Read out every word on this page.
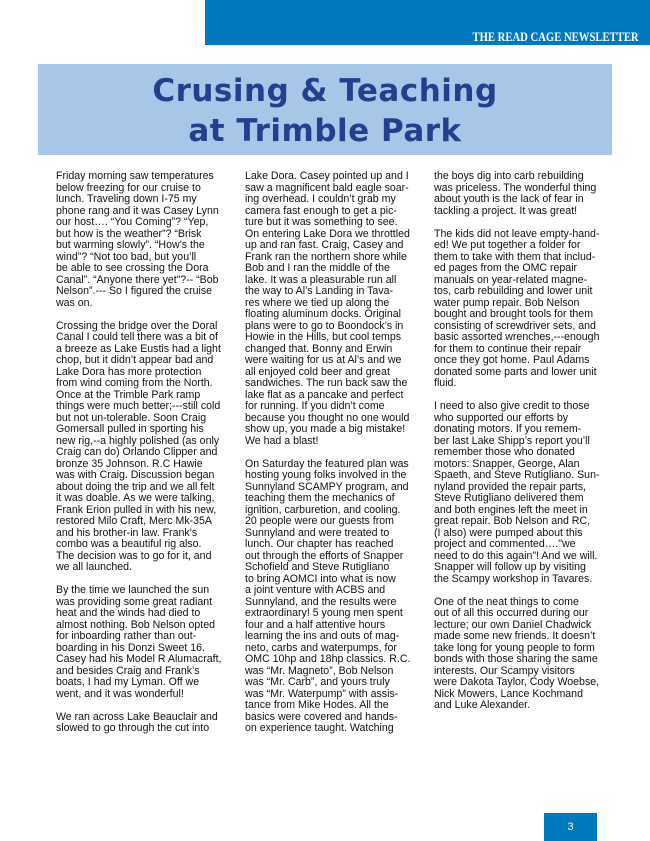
THE READ CAGE NEWSLETTER
Crusing & Teaching
at Trimble Park

Friday morning saw temperatures
below freezing for our cruise to
lunch. Traveling down I-75 my
phone rang and it was Casey Lynn
our host…. “You Coming”? “Yep,
but how is the weather”? “Brisk
but warming slowly”. “How’s the
wind”? “Not too bad, but you’ll
be able to see crossing the Dora
Canal”. “Anyone there yet”?-- “Bob
Nelson”.--- So I figured the cruise
was on.

Crossing the bridge over the Doral
Canal I could tell there was a bit of
a breeze as Lake Eustis had a light
chop, but it didn’t appear bad and
Lake Dora has more protection
from wind coming from the North.
Once at the Trimble Park ramp
things were much better;---still cold
but not un-tolerable. Soon Craig
Gomersall pulled in sporting his
new rig,--a highly polished (as only
Craig can do) Orlando Clipper and
bronze 35 Johnson. R.C Hawie
was with Craig. Discussion began
about doing the trip and we all felt
it was doable. As we were talking,
Frank Erion pulled in with his new,
restored Milo Craft, Merc Mk-35A
and his brother-in law. Frank’s
combo was a beautiful rig also.
The decision was to go for it, and
we all launched.

By the time we launched the sun
was providing some great radiant
heat and the winds had died to
almost nothing. Bob Nelson opted
for inboarding rather than out-
boarding in his Donzi Sweet 16.
Casey had his Model R Alumacraft,
and besides Craig and Frank’s
boats, I had my Lyman. Off we
went, and it was wonderful!

We ran across Lake Beauclair and
slowed to go through the cut into

Lake Dora. Casey pointed up and I
saw a magnificent bald eagle soar-
ing overhead. I couldn’t grab my
camera fast enough to get a pic-
ture but it was something to see.
On entering Lake Dora we throttled
up and ran fast. Craig, Casey and
Frank ran the northern shore while
Bob and I ran the middle of the
lake. It was a pleasurable run all
the way to Al’s Landing in Tava-
res where we tied up along the
floating aluminum docks. Original
plans were to go to Boondock’s in
Howie in the Hills, but cool temps
changed that. Bonny and Erwin
were waiting for us at Al’s and we
all enjoyed cold beer and great
sandwiches. The run back saw the
lake flat as a pancake and perfect
for running. If you didn’t come
because you thought no one would
show up, you made a big mistake!
We had a blast!

On Saturday the featured plan was
hosting young folks involved in the
Sunnyland SCAMPY program, and
teaching them the mechanics of
ignition, carburetion, and cooling.
20 people were our guests from
Sunnyland and were treated to
lunch. Our chapter has reached
out through the efforts of Snapper
Schofield and Steve Rutigliano
to bring AOMCI into what is now
a joint venture with ACBS and
Sunnyland, and the results were
extraordinary! 5 young men spent
four and a half attentive hours
learning the ins and outs of mag-
neto, carbs and waterpumps, for
OMC 10hp and 18hp classics. R.C.
was “Mr. Magneto”, Bob Nelson
was “Mr. Carb”, and yours truly
was “Mr. Waterpump” with assis-
tance from Mike Hodes. All the
basics were covered and hands-
on experience taught. Watching

the boys dig into carb rebuilding
was priceless. The wonderful thing
about youth is the lack of fear in
tackling a project. It was great!

The kids did not leave empty-hand-
ed! We put together a folder for
them to take with them that includ-
ed pages from the OMC repair
manuals on year-related magne-
tos, carb rebuilding and lower unit
water pump repair. Bob Nelson
bought and brought tools for them
consisting of screwdriver sets, and
basic assorted wrenches,---enough
for them to continue their repair
once they got home. Paul Adams
donated some parts and lower unit
fluid.

I need to also give credit to those
who supported our efforts by
donating motors. If you remem-
ber last Lake Shipp’s report you’ll
remember those who donated
motors: Snapper, George, Alan
Spaeth, and Steve Rutigliano. Sun-
nyland provided the repair parts,
Steve Rutigliano delivered them
and both engines left the meet in
great repair. Bob Nelson and RC,
(I also) were pumped about this
project and commented…."we
need to do this again"! And we will.
Snapper will follow up by visiting
the Scampy workshop in Tavares.

One of the neat things to come
out of all this occurred during our
lecture; our own Daniel Chadwick
made some new friends. It doesn’t
take long for young people to form
bonds with those sharing the same
interests. Our Scampy visitors
were Dakota Taylor, Cody Woebse,
Nick Mowers, Lance Kochmand
and Luke Alexander.

3
